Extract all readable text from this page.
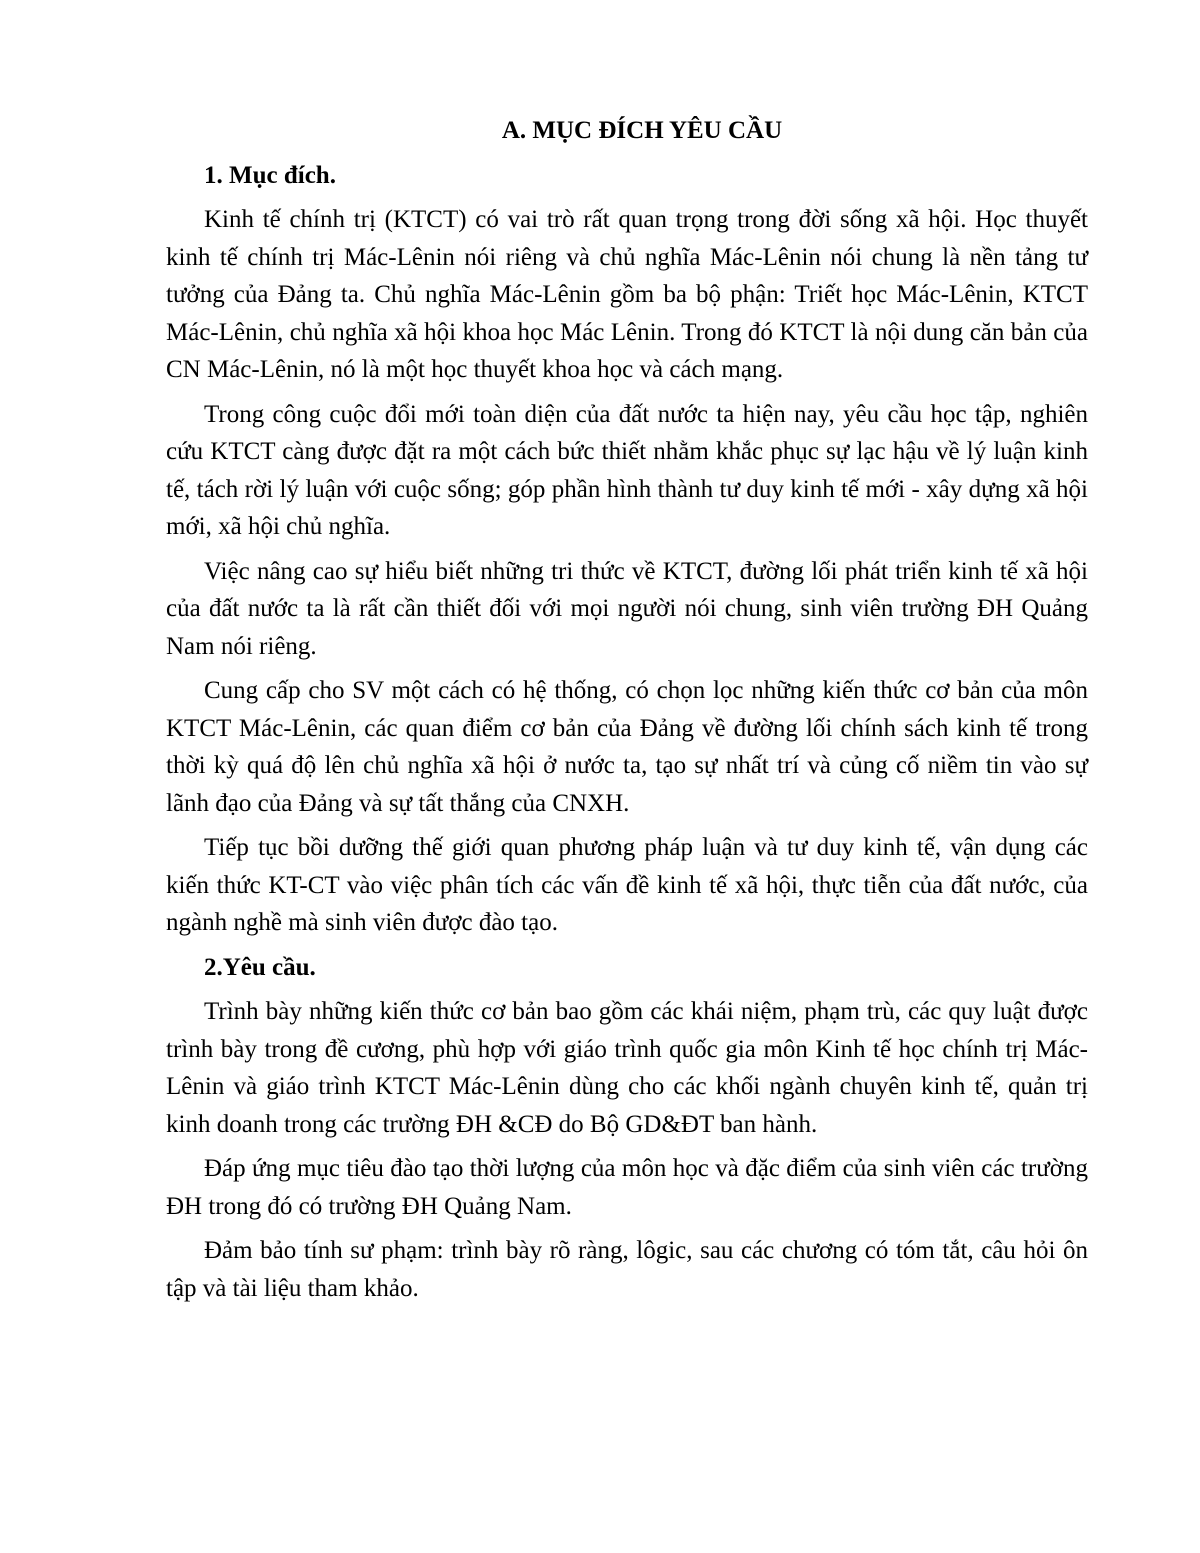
A. MỤC ĐÍCH YÊU CẦU
1. Mục đích.

Kinh tế chính trị (KTCT) có vai trò rất quan trọng trong đời sống xã hội. Học thuyết kinh tế chính trị Mác-Lênin nói riêng và chủ nghĩa Mác-Lênin nói chung là nền tảng tư tưởng của Đảng ta. Chủ nghĩa Mác-Lênin gồm ba bộ phận: Triết học Mác-Lênin, KTCT Mác-Lênin, chủ nghĩa xã hội khoa học Mác Lênin. Trong đó KTCT là nội dung căn bản của CN Mác-Lênin, nó là một học thuyết khoa học và cách mạng.

Trong công cuộc đổi mới toàn diện của đất nước ta hiện nay, yêu cầu học tập, nghiên cứu KTCT càng được đặt ra một cách bức thiết nhằm khắc phục sự lạc hậu về lý luận kinh tế, tách rời lý luận với cuộc sống; góp phần hình thành tư duy kinh tế mới - xây dựng xã hội mới, xã hội chủ nghĩa.

Việc nâng cao sự hiểu biết những tri thức về KTCT, đường lối phát triển kinh tế xã hội của đất nước ta là rất cần thiết đối với mọi người nói chung, sinh viên trường ĐH Quảng Nam nói riêng.

Cung cấp cho SV một cách có hệ thống, có chọn lọc những kiến thức cơ bản của môn KTCT Mác-Lênin, các quan điểm cơ bản của Đảng về đường lối chính sách kinh tế trong thời kỳ quá độ lên chủ nghĩa xã hội ở nước ta, tạo sự nhất trí và củng cố niềm tin vào sự lãnh đạo của Đảng và sự tất thắng của CNXH.

Tiếp tục bồi dưỡng thế giới quan phương pháp luận và tư duy kinh tế, vận dụng các kiến thức KT-CT vào việc phân tích các vấn đề kinh tế xã hội, thực tiễn của đất nước, của ngành nghề mà sinh viên được đào tạo.

2.Yêu cầu.

Trình bày những kiến thức cơ bản bao gồm các khái niệm, phạm trù, các quy luật được trình bày trong đề cương, phù hợp với giáo trình quốc gia môn Kinh tế học chính trị Mác-Lênin và giáo trình KTCT Mác-Lênin dùng cho các khối ngành chuyên kinh tế, quản trị kinh doanh trong các trường ĐH &CĐ do Bộ GD&ĐT ban hành.

Đáp ứng mục tiêu đào tạo thời lượng của môn học và đặc điểm của sinh viên các trường ĐH trong đó có trường ĐH Quảng Nam.

Đảm bảo tính sư phạm: trình bày rõ ràng, lôgic, sau các chương có tóm tắt, câu hỏi ôn tập và tài liệu tham khảo.
